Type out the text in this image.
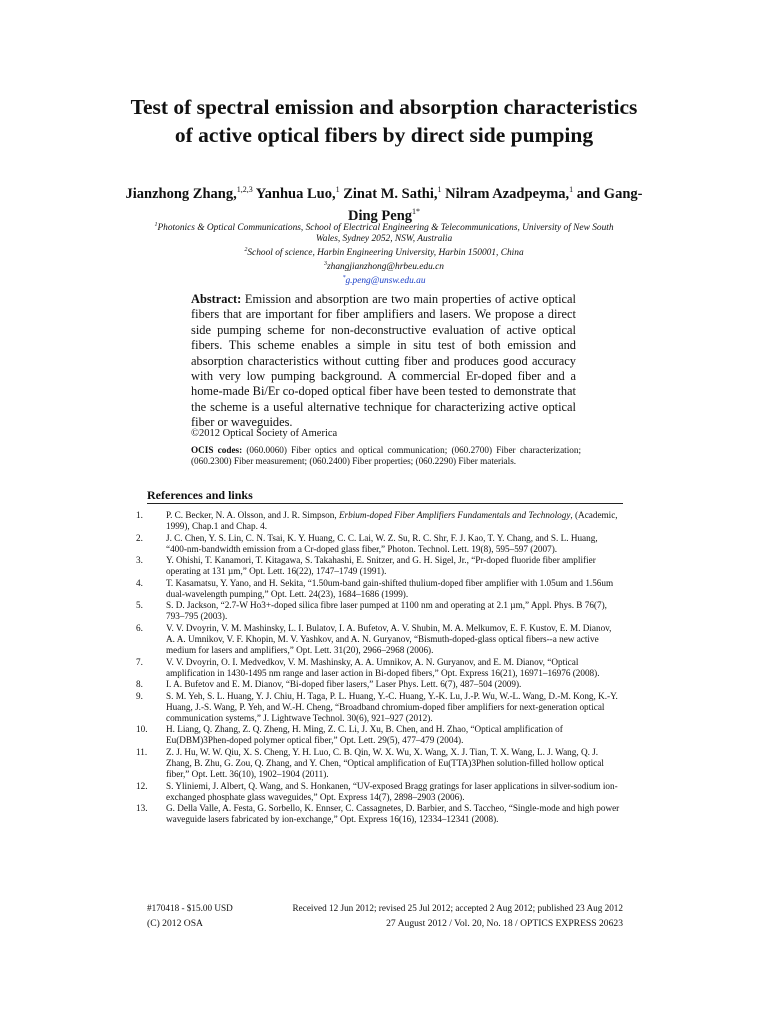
Test of spectral emission and absorption characteristics of active optical fibers by direct side pumping
Jianzhong Zhang,$^{1,2,3}$ Yanhua Luo,$^1$ Zinat M. Sathi,$^1$ Nilram Azadpeyma,$^1$ and Gang-Ding Peng$^{1*}$
$^1$Photonics & Optical Communications, School of Electrical Engineering & Telecommunications, University of New South Wales, Sydney 2052, NSW, Australia
$^2$School of science, Harbin Engineering University, Harbin 150001, China
$^3$zhangjianzhong@hrbeu.edu.cn
*g.peng@unsw.edu.au
Abstract: Emission and absorption are two main properties of active optical fibers that are important for fiber amplifiers and lasers. We propose a direct side pumping scheme for non-deconstructive evaluation of active optical fibers. This scheme enables a simple in situ test of both emission and absorption characteristics without cutting fiber and produces good accuracy with very low pumping background. A commercial Er-doped fiber and a home-made Bi/Er co-doped optical fiber have been tested to demonstrate that the scheme is a useful alternative technique for characterizing active optical fiber or waveguides.
©2012 Optical Society of America
OCIS codes: (060.0060) Fiber optics and optical communication; (060.2700) Fiber characterization; (060.2300) Fiber measurement; (060.2400) Fiber properties; (060.2290) Fiber materials.
References and links
1.	P. C. Becker, N. A. Olsson, and J. R. Simpson, Erbium-doped Fiber Amplifiers Fundamentals and Technology, (Academic, 1999), Chap.1 and Chap. 4.
2.	J. C. Chen, Y. S. Lin, C. N. Tsai, K. Y. Huang, C. C. Lai, W. Z. Su, R. C. Shr, F. J. Kao, T. Y. Chang, and S. L. Huang, “400-nm-bandwidth emission from a Cr-doped glass fiber,” Photon. Technol. Lett. 19(8), 595–597 (2007).
3.	Y. Ohishi, T. Kanamori, T. Kitagawa, S. Takahashi, E. Snitzer, and G. H. Sigel, Jr., “Pr-doped fluoride fiber amplifier operating at 131 µm,” Opt. Lett. 16(22), 1747–1749 (1991).
4.	T. Kasamatsu, Y. Yano, and H. Sekita, “1.50um-band gain-shifted thulium-doped fiber amplifier with 1.05um and 1.56um dual-wavelength pumping,” Opt. Lett. 24(23), 1684–1686 (1999).
5.	S. D. Jackson, “2.7-W Ho3+-doped silica fibre laser pumped at 1100 nm and operating at 2.1 µm,” Appl. Phys. B 76(7), 793–795 (2003).
6.	V. V. Dvoyrin, V. M. Mashinsky, L. I. Bulatov, I. A. Bufetov, A. V. Shubin, M. A. Melkumov, E. F. Kustov, E. M. Dianov, A. A. Umnikov, V. F. Khopin, M. V. Yashkov, and A. N. Guryanov, “Bismuth-doped-glass optical fibers--a new active medium for lasers and amplifiers,” Opt. Lett. 31(20), 2966–2968 (2006).
7.	V. V. Dvoyrin, O. I. Medvedkov, V. M. Mashinsky, A. A. Umnikov, A. N. Guryanov, and E. M. Dianov, “Optical amplification in 1430-1495 nm range and laser action in Bi-doped fibers,” Opt. Express 16(21), 16971–16976 (2008).
8.	I. A. Bufetov and E. M. Dianov, “Bi-doped fiber lasers,” Laser Phys. Lett. 6(7), 487–504 (2009).
9.	S. M. Yeh, S. L. Huang, Y. J. Chiu, H. Taga, P. L. Huang, Y.-C. Huang, Y.-K. Lu, J.-P. Wu, W.-L. Wang, D.-M. Kong, K.-Y. Huang, J.-S. Wang, P. Yeh, and W.-H. Cheng, “Broadband chromium-doped fiber amplifiers for next-generation optical communication systems,” J. Lightwave Technol. 30(6), 921–927 (2012).
10.	H. Liang, Q. Zhang, Z. Q. Zheng, H. Ming, Z. C. Li, J. Xu, B. Chen, and H. Zhao, “Optical amplification of Eu(DBM)3Phen-doped polymer optical fiber,” Opt. Lett. 29(5), 477–479 (2004).
11.	Z. J. Hu, W. W. Qiu, X. S. Cheng, Y. H. Luo, C. B. Qin, W. X. Wu, X. Wang, X. J. Tian, T. X. Wang, L. J. Wang, Q. J. Zhang, B. Zhu, G. Zou, Q. Zhang, and Y. Chen, “Optical amplification of Eu(TTA)3Phen solution-filled hollow optical fiber,” Opt. Lett. 36(10), 1902–1904 (2011).
12.	S. Yliniemi, J. Albert, Q. Wang, and S. Honkanen, “UV-exposed Bragg gratings for laser applications in silver-sodium ion-exchanged phosphate glass waveguides,” Opt. Express 14(7), 2898–2903 (2006).
13.	G. Della Valle, A. Festa, G. Sorbello, K. Ennser, C. Cassagnetes, D. Barbier, and S. Taccheo, “Single-mode and high power waveguide lasers fabricated by ion-exchange,” Opt. Express 16(16), 12334–12341 (2008).
#170418 - $15.00 USD	Received 12 Jun 2012; revised 25 Jul 2012; accepted 2 Aug 2012; published 23 Aug 2012
(C) 2012 OSA	27 August 2012 / Vol. 20, No. 18 / OPTICS EXPRESS 20623
